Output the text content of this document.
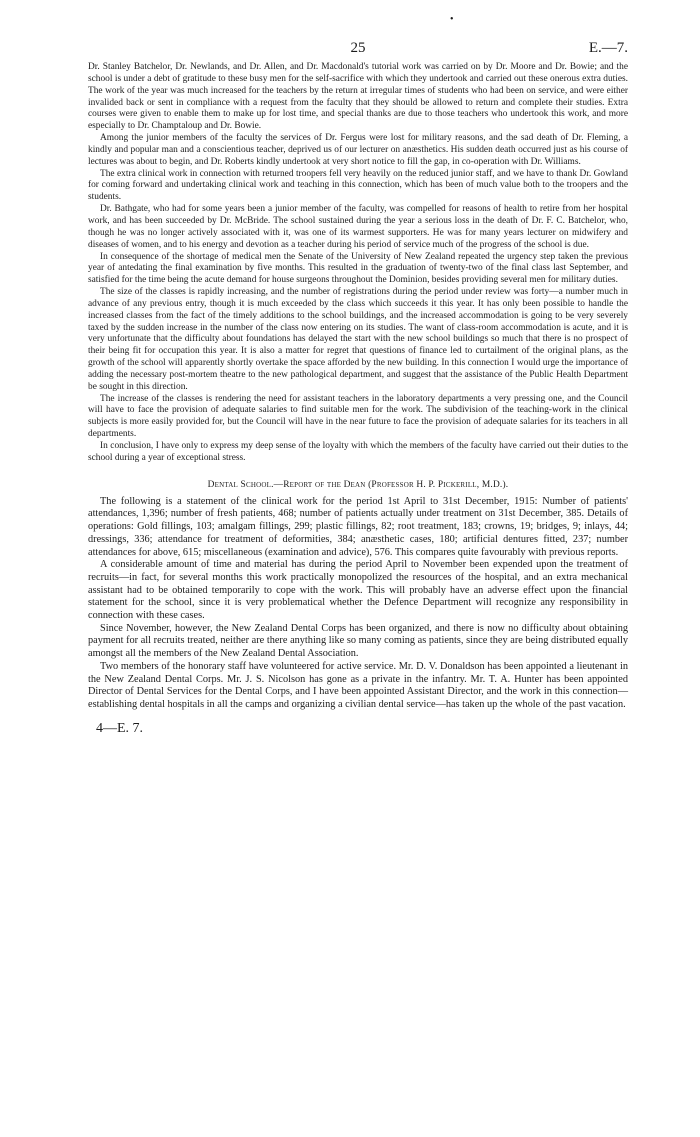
•
25	E.—7.

Dr. Stanley Batchelor, Dr. Newlands, and Dr. Allen, and Dr. Macdonald's tutorial work was carried on by Dr. Moore and Dr. Bowie; and the school is under a debt of gratitude to these busy men for the self-sacrifice with which they undertook and carried out these onerous extra duties. The work of the year was much increased for the teachers by the return at irregular times of students who had been on service, and were either invalided back or sent in compliance with a request from the faculty that they should be allowed to return and complete their studies. Extra courses were given to enable them to make up for lost time, and special thanks are due to those teachers who undertook this work, and more especially to Dr. Champtaloup and Dr. Bowie.

Among the junior members of the faculty the services of Dr. Fergus were lost for military reasons, and the sad death of Dr. Fleming, a kindly and popular man and a conscientious teacher, deprived us of our lecturer on anæsthetics. His sudden death occurred just as his course of lectures was about to begin, and Dr. Roberts kindly undertook at very short notice to fill the gap, in co-operation with Dr. Williams.

The extra clinical work in connection with returned troopers fell very heavily on the reduced junior staff, and we have to thank Dr. Gowland for coming forward and undertaking clinical work and teaching in this connection, which has been of much value both to the troopers and the students.

Dr. Bathgate, who had for some years been a junior member of the faculty, was compelled for reasons of health to retire from her hospital work, and has been succeeded by Dr. McBride. The school sustained during the year a serious loss in the death of Dr. F. C. Batchelor, who, though he was no longer actively associated with it, was one of its warmest supporters. He was for many years lecturer on midwifery and diseases of women, and to his energy and devotion as a teacher during his period of service much of the progress of the school is due.

In consequence of the shortage of medical men the Senate of the University of New Zealand repeated the urgency step taken the previous year of antedating the final examination by five months. This resulted in the graduation of twenty-two of the final class last September, and satisfied for the time being the acute demand for house surgeons throughout the Dominion, besides providing several men for military duties.

The size of the classes is rapidly increasing, and the number of registrations during the period under review was forty—a number much in advance of any previous entry, though it is much exceeded by the class which succeeds it this year. It has only been possible to handle the increased classes from the fact of the timely additions to the school buildings, and the increased accommodation is going to be very severely taxed by the sudden increase in the number of the class now entering on its studies. The want of class-room accommodation is acute, and it is very unfortunate that the difficulty about foundations has delayed the start with the new school buildings so much that there is no prospect of their being fit for occupation this year. It is also a matter for regret that questions of finance led to curtailment of the original plans, as the growth of the school will apparently shortly overtake the space afforded by the new building. In this connection I would urge the importance of adding the necessary post-mortem theatre to the new pathological department, and suggest that the assistance of the Public Health Department be sought in this direction.

The increase of the classes is rendering the need for assistant teachers in the laboratory departments a very pressing one, and the Council will have to face the provision of adequate salaries to find suitable men for the work. The subdivision of the teaching-work in the clinical subjects is more easily provided for, but the Council will have in the near future to face the provision of adequate salaries for its teachers in all departments.

In conclusion, I have only to express my deep sense of the loyalty with which the members of the faculty have carried out their duties to the school during a year of exceptional stress.

Dental School.—Report of the Dean (Professor H. P. Pickerill, M.D.).

The following is a statement of the clinical work for the period 1st April to 31st December, 1915: Number of patients' attendances, 1,396; number of fresh patients, 468; number of patients actually under treatment on 31st December, 385. Details of operations: Gold fillings, 103; amalgam fillings, 299; plastic fillings, 82; root treatment, 183; crowns, 19; bridges, 9; inlays, 44; dressings, 336; attendance for treatment of deformities, 384; anæsthetic cases, 180; artificial dentures fitted, 237; number attendances for above, 615; miscellaneous (examination and advice), 576. This compares quite favourably with previous reports.

A considerable amount of time and material has during the period April to November been expended upon the treatment of recruits—in fact, for several months this work practically monopolized the resources of the hospital, and an extra mechanical assistant had to be obtained temporarily to cope with the work. This will probably have an adverse effect upon the financial statement for the school, since it is very problematical whether the Defence Department will recognize any responsibility in connection with these cases.

Since November, however, the New Zealand Dental Corps has been organized, and there is now no difficulty about obtaining payment for all recruits treated, neither are there anything like so many coming as patients, since they are being distributed equally amongst all the members of the New Zealand Dental Association.

Two members of the honorary staff have volunteered for active service. Mr. D. V. Donaldson has been appointed a lieutenant in the New Zealand Dental Corps. Mr. J. S. Nicolson has gone as a private in the infantry. Mr. T. A. Hunter has been appointed Director of Dental Services for the Dental Corps, and I have been appointed Assistant Director, and the work in this connection—establishing dental hospitals in all the camps and organizing a civilian dental service—has taken up the whole of the past vacation.

4—E. 7.
